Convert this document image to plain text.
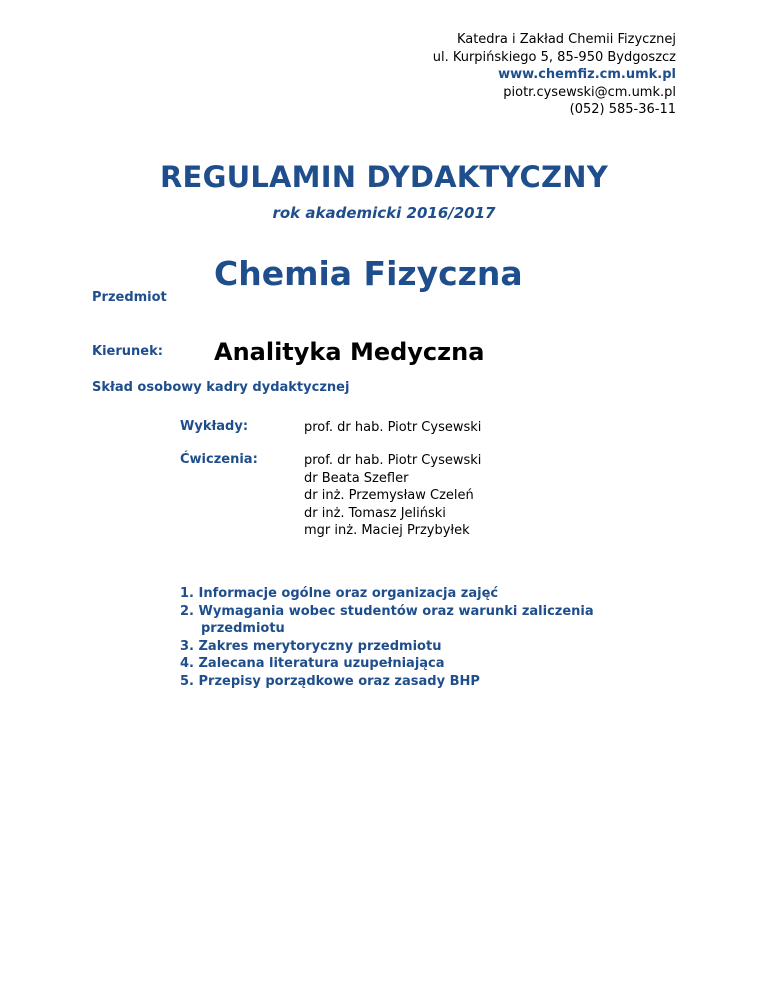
Katedra i Zakład Chemii Fizycznej
ul. Kurpińskiego 5, 85-950 Bydgoszcz
www.chemfiz.cm.umk.pl
piotr.cysewski@cm.umk.pl
(052) 585-36-11
REGULAMIN DYDAKTYCZNY
rok akademicki 2016/2017
Przedmiot
Chemia Fizyczna
Kierunek: Analityka Medyczna
Skład osobowy kadry dydaktycznej
Wykłady:	prof. dr hab. Piotr Cysewski
Ćwiczenia:	prof. dr hab. Piotr Cysewski
dr Beata Szefler
dr inż. Przemysław Czeleń
dr inż. Tomasz Jeliński
mgr inż. Maciej Przybyłek
1. Informacje ogólne oraz organizacja zajęć
2. Wymagania wobec studentów oraz warunki zaliczenia przedmiotu
3. Zakres merytoryczny przedmiotu
4. Zalecana literatura uzupełniająca
5. Przepisy porządkowe oraz zasady BHP
